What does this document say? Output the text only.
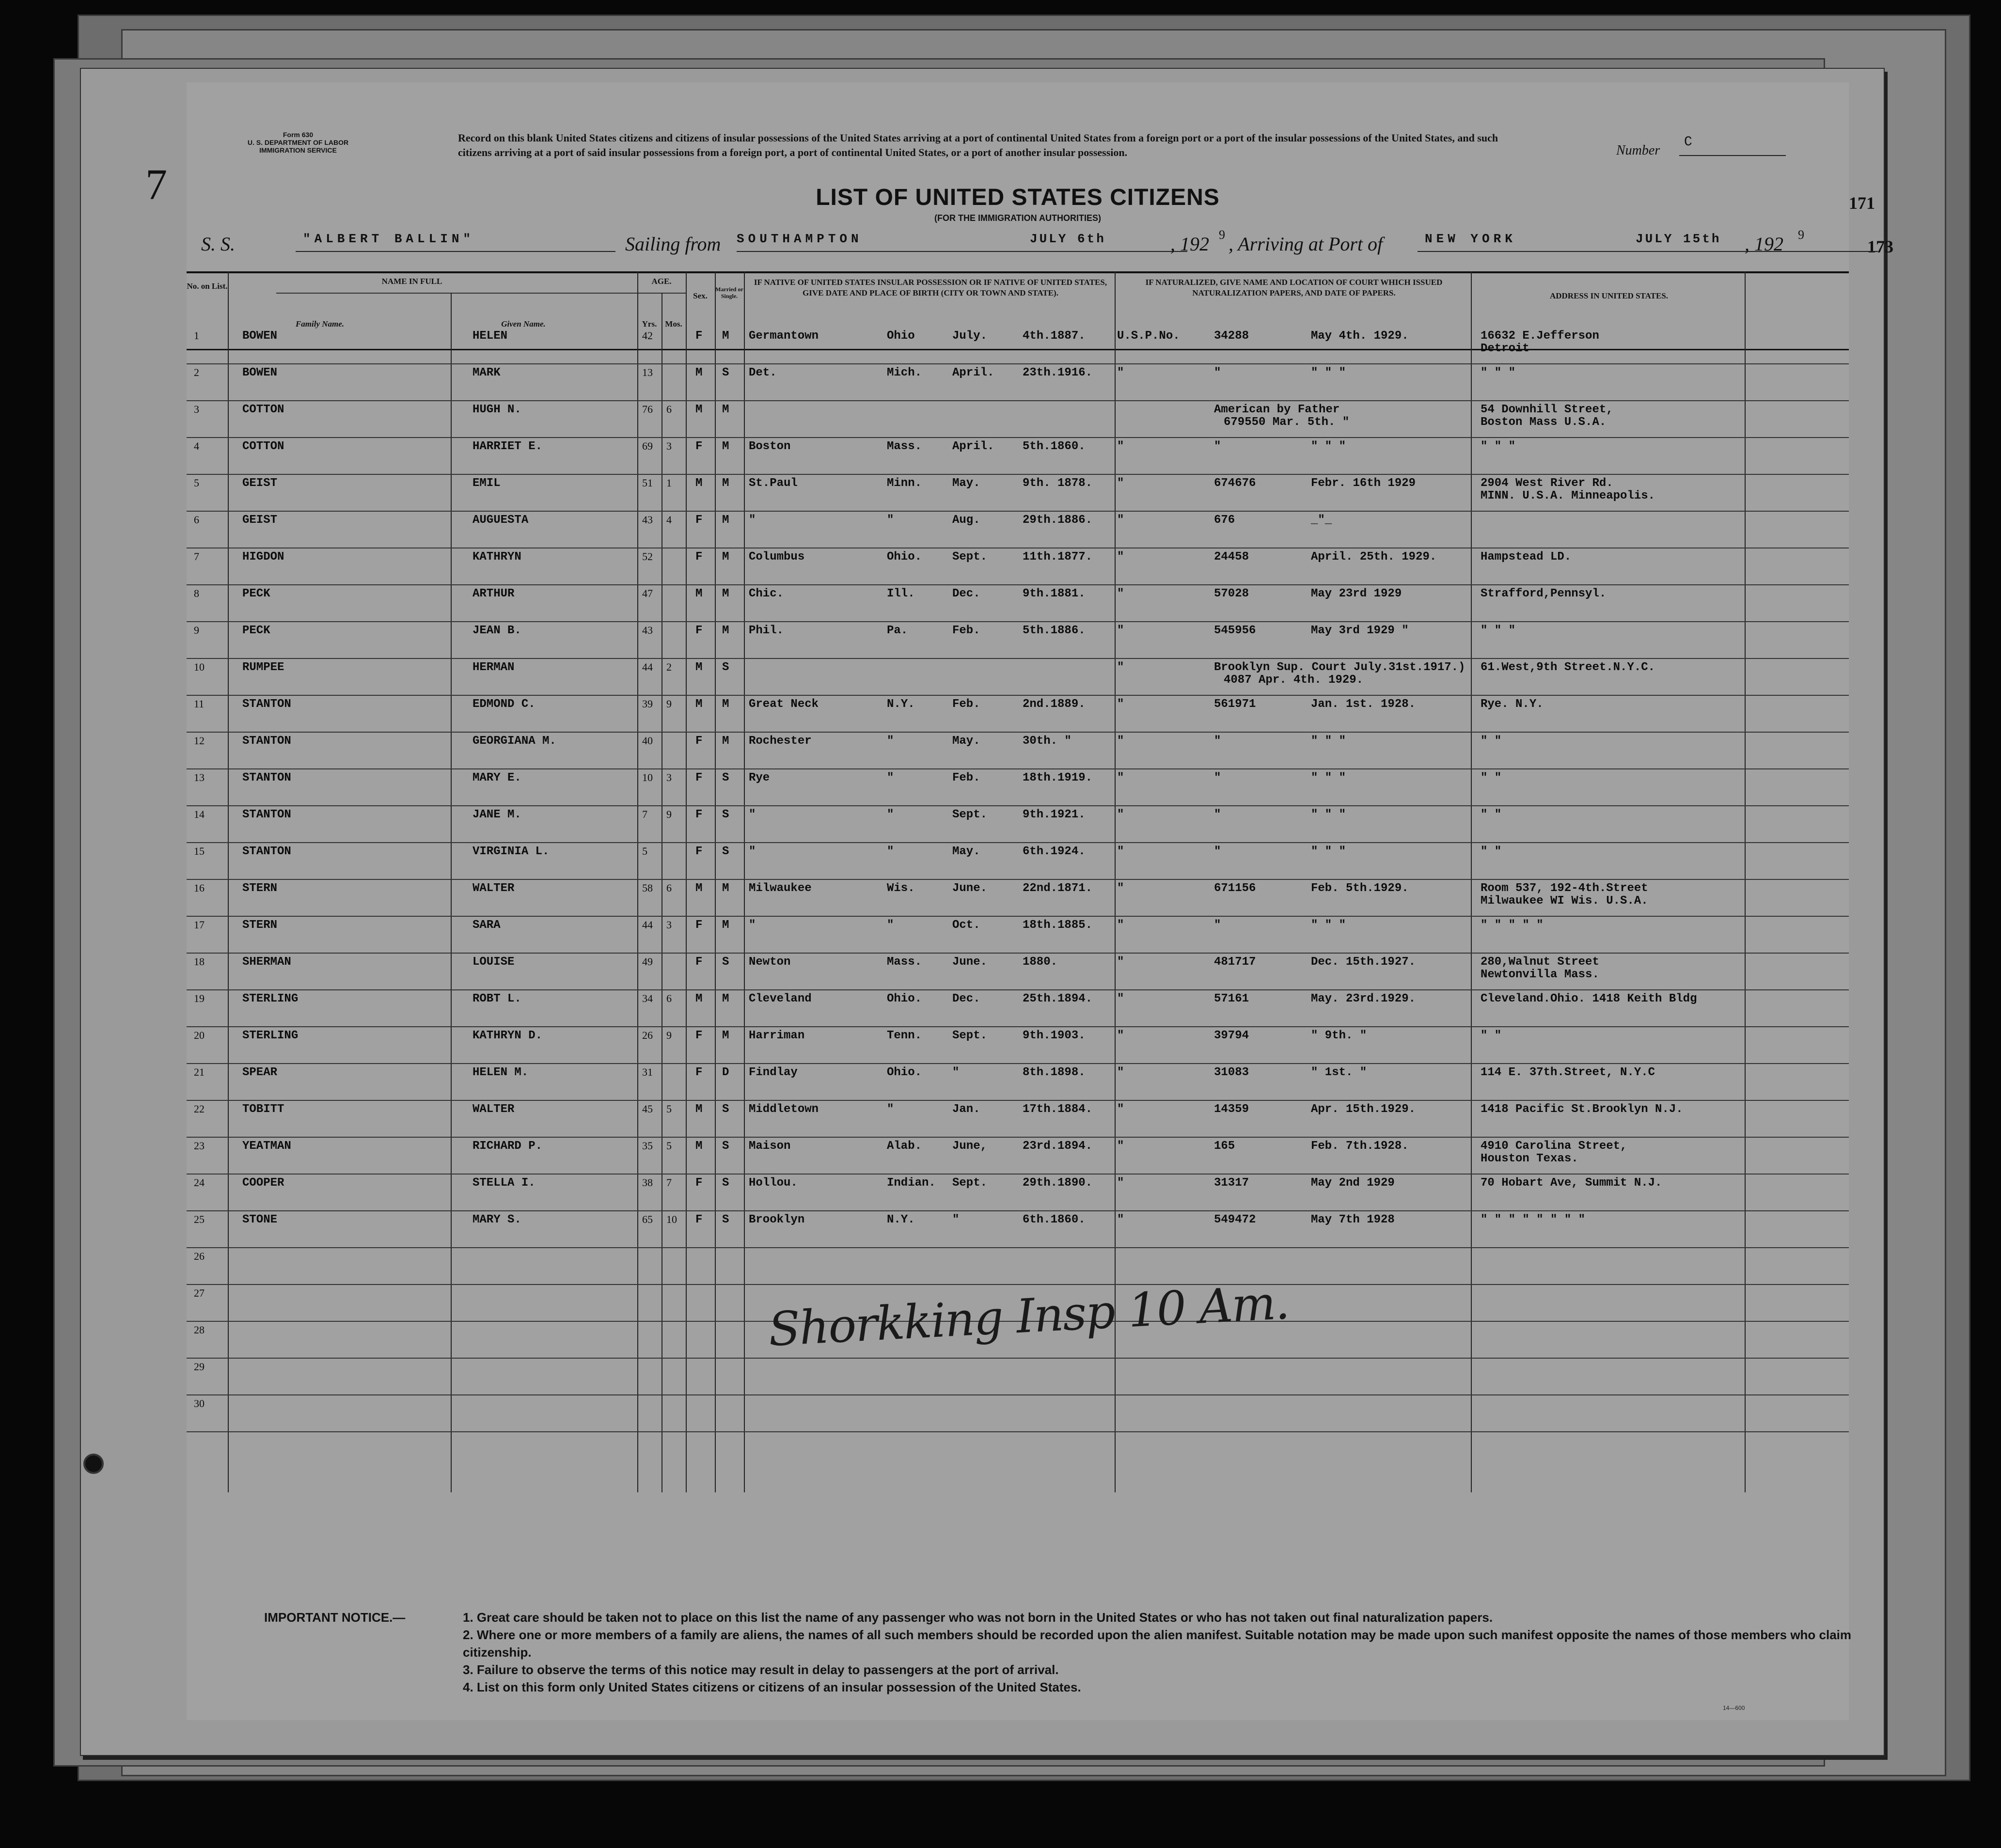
7
173
Form 630
U. S. DEPARTMENT OF LABOR
IMMIGRATION SERVICE
Record on this blank United States citizens and citizens of insular possessions of the United States arriving at a port of continental United States from a foreign port or a port of the insular possessions of the United States, and such citizens arriving at a port of said insular possessions from a foreign port, a port of continental United States, or a port of another insular possession.	Number
C
LIST OF UNITED STATES CITIZENS
(FOR THE IMMIGRATION AUTHORITIES)
171
S. S.	"ALBERT BALLIN"	Sailing from SOUTHAMPTON	JULY 6th	, 192 9 , Arriving at Port of	NEW YORK	JULY 15th , 192 9
No. on List.
NAME IN FULL
Family Name.	Given Name.
AGE.
Yrs. Mos.
Sex.
Married or Single.
IF NATIVE OF UNITED STATES INSULAR POSSESSION OR IF NATIVE OF UNITED STATES, GIVE DATE AND PLACE OF BIRTH (CITY OR TOWN AND STATE).
IF NATURALIZED, GIVE NAME AND LOCATION OF COURT WHICH ISSUED NATURALIZATION PAPERS, AND DATE OF PAPERS.	ADDRESS IN UNITED STATES.
1	BOWEN	HELEN	42	F M Germantown	Ohio	July.	4th.1887.	U.S.P.No.	34288	May 4th. 1929.	16632 E.Jefferson
Detroit
2	BOWEN	MARK	13	M S Det.	Mich.	April. 23th.1916. "	"	" " "	" " "
3	COTTON	HUGH N.	76 6 M M	American by Father	54 Downhill Street,
679550 Mar. 5th. "	Boston Mass U.S.A.
4	COTTON	HARRIET E.	69 3 F M Boston	Mass.	April. 5th.1860.	"	"	" " "	" " "
5	GEIST	EMIL	51 1 M M St.Paul	Minn.	May.	9th. 1878. "	674676	Febr. 16th 1929	2904 West River Rd.
MINN. U.S.A. Minneapolis.
6	GEIST	AUGUESTA	43 4 F M "	"	Aug.	29th.1886. "	676	_"_
7	HIGDON	KATHRYN	52	F M Columbus	Ohio.	Sept.	11th.1877. "	24458	April. 25th. 1929.	Hampstead LD.
8	PECK	ARTHUR	47	M M Chic.	Ill.	Dec.	9th.1881.	"	57028	May 23rd 1929	Strafford,Pennsyl.
9	PECK	JEAN B.	43	F M Phil.	Pa.	Feb.	5th.1886.	"	545956	May 3rd 1929 "	" " "
10	RUMPEE	HERMAN	44 2 M S	"	Brooklyn Sup. Court July.31st.1917.) 61.West,9th Street.N.Y.C.
4087 Apr. 4th. 1929.
11	STANTON	EDMOND C.	39 9 M M Great Neck	N.Y.	Feb.	2nd.1889.	"	561971	Jan. 1st. 1928.	Rye. N.Y.
12	STANTON	GEORGIANA M.	40	F M Rochester	"	May.	30th. "	"	"	" " "	" "
13	STANTON	MARY E.	10 3 F S Rye	"	Feb.	18th.1919. "	"	" " "	" "
14	STANTON	JANE M.	7 9 F S "	"	Sept.	9th.1921.	"	"	" " "	" "
15	STANTON	VIRGINIA L.	5	F S "	"	May.	6th.1924.	"	"	" " "	" "
16	STERN	WALTER	58 6 M M Milwaukee	Wis.	June.	22nd.1871. "	671156	Feb. 5th.1929.	Room 537, 192-4th.Street
Milwaukee WI Wis. U.S.A.
17	STERN	SARA	44 3 F M "	"	Oct.	18th.1885. "	"	" " "	" " " " "
18	SHERMAN	LOUISE	49	F S Newton	Mass.	June.	1880.	"	481717	Dec. 15th.1927.	280,Walnut Street
Newtonvilla Mass.
19	STERLING	ROBT L.	34 6 M M Cleveland	Ohio.	Dec.	25th.1894. "	57161	May. 23rd.1929.	Cleveland.Ohio. 1418 Keith Bldg
20	STERLING	KATHRYN D.	26 9 F M Harriman	Tenn.	Sept.	9th.1903.	"	39794	" 9th. "	" "
21	SPEAR	HELEN M.	31	F D Findlay	Ohio.	"	8th.1898.	"	31083	" 1st. "	114 E. 37th.Street, N.Y.C
22	TOBITT	WALTER	45 5 M S Middletown	"	Jan.	17th.1884. "	14359	Apr. 15th.1929.	1418 Pacific St.Brooklyn N.J.
23	YEATMAN	RICHARD P.	35 5 M S Maison	Alab.	June,	23rd.1894. "	165	Feb. 7th.1928.	4910 Carolina Street,
Houston Texas.
24	COOPER	STELLA I.	38 7 F S Hollou.	Indian. Sept.	29th.1890. "	31317	May 2nd 1929	70 Hobart Ave, Summit N.J.
25	STONE	MARY S.	65 10 F S Brooklyn	N.Y.	"	6th.1860.	"	549472	May 7th 1928	" " " " " " " "
26
27
28
29
30
Shorkking Insp 10 Am.
IMPORTANT NOTICE.—	1. Great care should be taken not to place on this list the name of any passenger who was not born in the United States or who has not taken out final naturalization papers.
2. Where one or more members of a family are aliens, the names of all such members should be recorded upon the alien manifest. Suitable notation may be made upon such manifest opposite the names of those members who claim citizenship.
3. Failure to observe the terms of this notice may result in delay to passengers at the port of arrival.
4. List on this form only United States citizens or citizens of an insular possession of the United States.
14—600
